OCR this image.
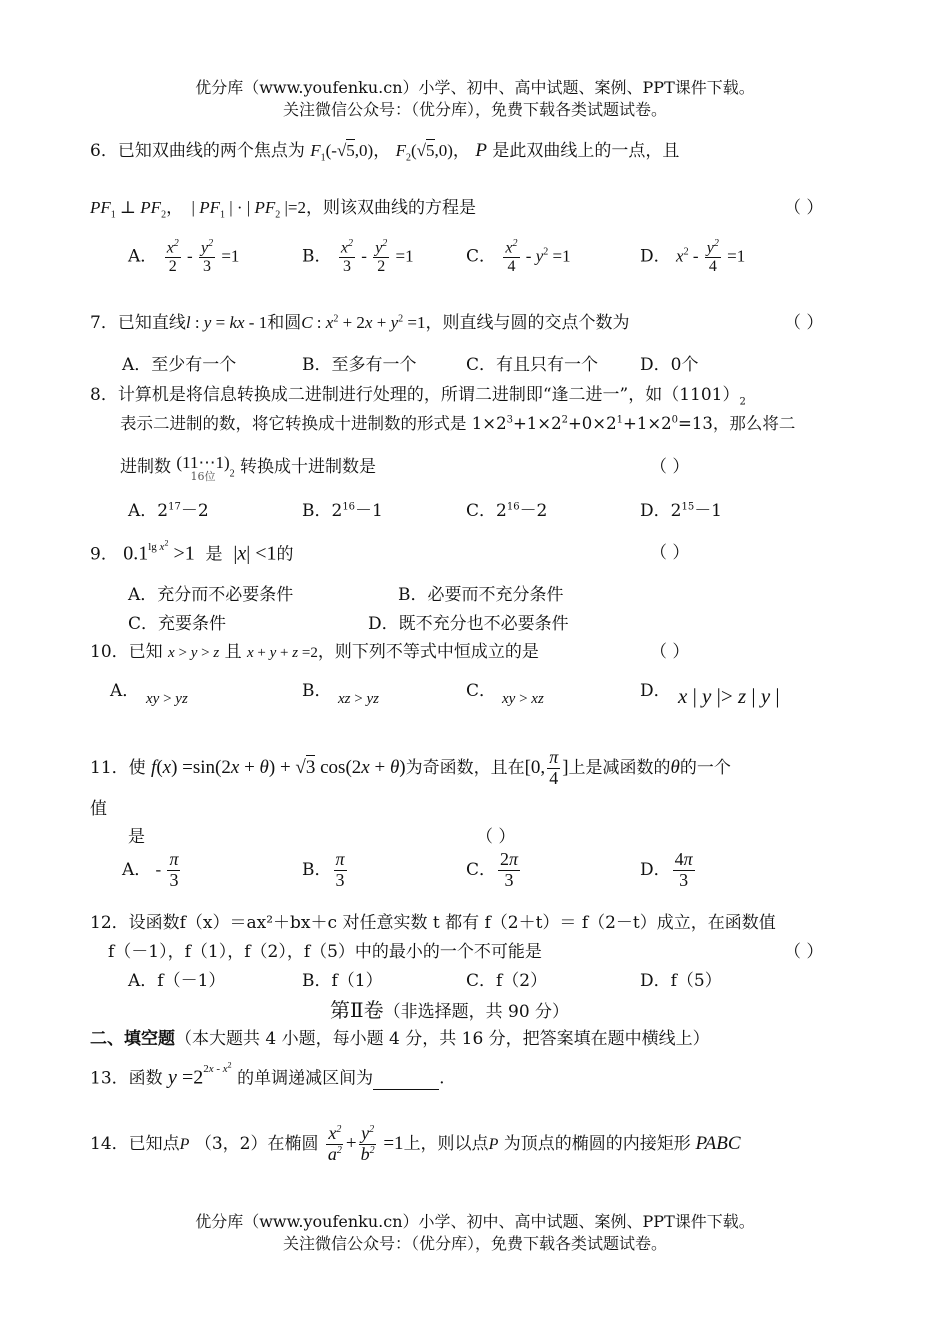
优分库（www.youfenku.cn）小学、初中、高中试题、案例、PPT课件下载。
关注微信公众号：（优分库），免费下载各类试题试卷。
6．已知双曲线的两个焦点为 $F_1(-√5,0)$， $F_2(√5,0)$， P 是此双曲线上的一点，且
$PF_1$ ⊥ $PF_2$，  | $PF_1$ | · | $PF_2$ |=2，则该双曲线的方程是	（ ）
A． $\frac{x^2}{2} - \frac{y^2}{3} =1$	B． $\frac{x^2}{3} - \frac{y^2}{2} =1$	C． $\frac{x^2}{4} - y^2 =1$	D． $x^2 - \frac{y^2}{4} =1$
7．已知直线l : y = kx - 1和圆C : $x^2 + 2x + y^2 =1$，则直线与圆的交点个数为	（ ）
A．至少有一个	B．至多有一个	C．有且只有一个 D．0个
8．计算机是将信息转换成二进制进行处理的，所谓二进制即“逢二进一”，如$(1101)_2$
表示二进制的数，将它转换成十进制数的形式是 $1\times 2^3+1\times 2^2+0\times 2^1+1\times 2^0=13$，那么将二
进制数 (11⋯1)
16位 $_2$ 转换成十进制数是	（ ）
A．$2^{17}-2$	B．$2^{16}-1$	C．$2^{16}-2$	D．$2^{15}-1$
9． $0.1^{lg x^2} >1$ 是 |x| <1的	（ ）
A．充分而不必要条件	B．必要而不充分条件
C．充要条件	D．既不充分也不必要条件
10．已知 x > y > z 且 x + y + z =2，则下列不等式中恒成立的是	（ ）
A． xy > yz	B． xz > yz	C． xy > xz	D． x | y |> z | y |
11．使 f(x) =sin(2x + θ) + √3 cos(2x + θ)为奇函数，且在[0, $\frac{\pi}{4}$ ]上是减函数的θ的一个
值
是	（ ）
A． - $\frac{\pi}{3}$	B． $\frac{\pi}{3}$	C． $\frac{2\pi}{3}$	D． $\frac{4\pi}{3}$
12．设函数f（x）＝ax²＋bx＋c 对任意实数 t 都有 f（2＋t）＝ f（2－t）成立，在函数值
f（－1），f（1），f（2），f（5）中的最小的一个不可能是	（ ）
A．f（－1）	B．f（1）	C．f（2）	D．f（5）
第Ⅱ卷（非选择题，共 90 分）
二、填空题（本大题共 4 小题，每小题 4 分，共 16 分，把答案填在题中横线上）
13．函数 $y =2^{2x - x^2}$ 的单调递减区间为	.
14．已知点P （3，2）在椭圆 $\frac{x^2}{a^2} + \frac{y^2}{b^2} =1$上，则以点P 为顶点的椭圆的内接矩形 PABC
优分库（www.youfenku.cn）小学、初中、高中试题、案例、PPT课件下载。
关注微信公众号：（优分库），免费下载各类试题试卷。
